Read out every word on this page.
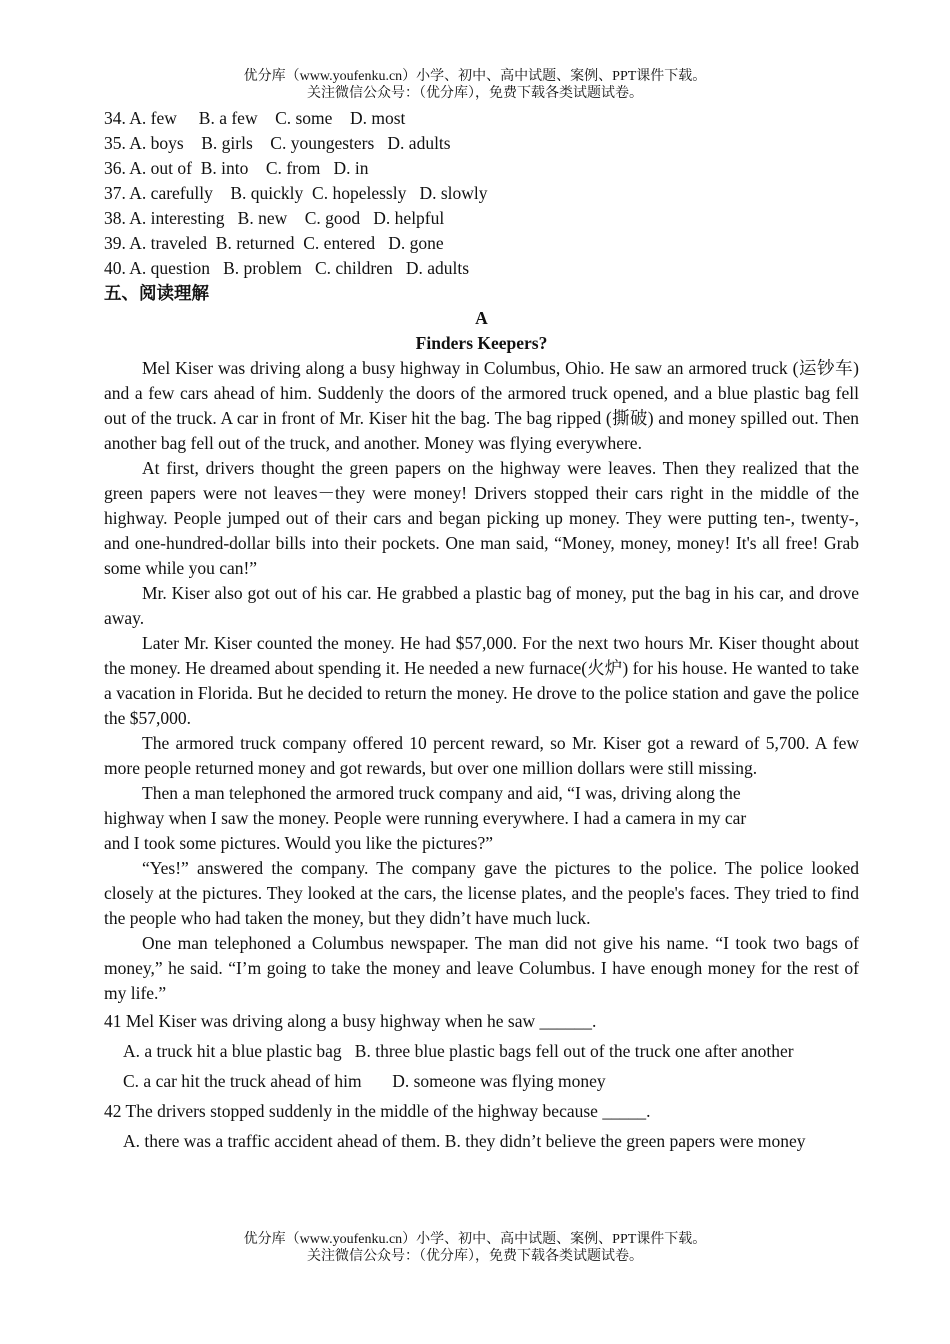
优分库（www.youfenku.cn）小学、初中、高中试题、案例、PPT课件下载。
关注微信公众号：（优分库），免费下载各类试题试卷。
34. A. few     B. a few    C. some    D. most
35. A. boys    B. girls    C. youngesters   D. adults
36. A. out of  B. into    C. from   D. in
37. A. carefully    B. quickly  C. hopelessly   D. slowly
38. A. interesting   B. new    C. good   D. helpful
39. A. traveled  B. returned  C. entered   D. gone
40. A. question   B. problem   C. children   D. adults
五、阅读理解
A
Finders Keepers?
Mel Kiser was driving along a busy highway in Columbus, Ohio. He saw an armored truck (运钞车) and a few cars ahead of him. Suddenly the doors of the armored truck opened, and a blue plastic bag fell out of the truck. A car in front of Mr. Kiser hit the bag. The bag ripped (撕破) and money spilled out. Then another bag fell out of the truck, and another. Money was flying everywhere.
At first, drivers thought the green papers on the highway were leaves. Then they realized that the green papers were not leaves－they were money! Drivers stopped their cars right in the middle of the highway. People jumped out of their cars and began picking up money. They were putting ten-, twenty-, and one-hundred-dollar bills into their pockets. One man said, “Money, money, money! It's all free! Grab some while you can!”
Mr. Kiser also got out of his car. He grabbed a plastic bag of money, put the bag in his car, and drove away.
Later Mr. Kiser counted the money. He had $57,000. For the next two hours Mr. Kiser thought about the money. He dreamed about spending it. He needed a new furnace(火炉) for his house. He wanted to take a vacation in Florida. But he decided to return the money. He drove to the police station and gave the police the $57,000.
The armored truck company offered 10 percent reward, so Mr. Kiser got a reward of 5,700. A few more people returned money and got rewards, but over one million dollars were still missing.
Then a man telephoned the armored truck company and aid, “I was, driving along the
highway when I saw the money. People were running everywhere. I had a camera in my car
and I took some pictures. Would you like the pictures?”
“Yes!” answered the company. The company gave the pictures to the police. The police looked closely at the pictures. They looked at the cars, the license plates, and the people's faces. They tried to find the people who had taken the money, but they didn’t have much luck.
One man telephoned a Columbus newspaper. The man did not give his name. “I took two bags of money,” he said. “I’m going to take the money and leave Columbus. I have enough money for the rest of my life.”
41 Mel Kiser was driving along a busy highway when he saw ______.
A. a truck hit a blue plastic bag   B. three blue plastic bags fell out of the truck one after another
C. a car hit the truck ahead of him       D. someone was flying money
42 The drivers stopped suddenly in the middle of the highway because _____.
A. there was a traffic accident ahead of them. B. they didn’t believe the green papers were money
优分库（www.youfenku.cn）小学、初中、高中试题、案例、PPT课件下载。
关注微信公众号：（优分库），免费下载各类试题试卷。
